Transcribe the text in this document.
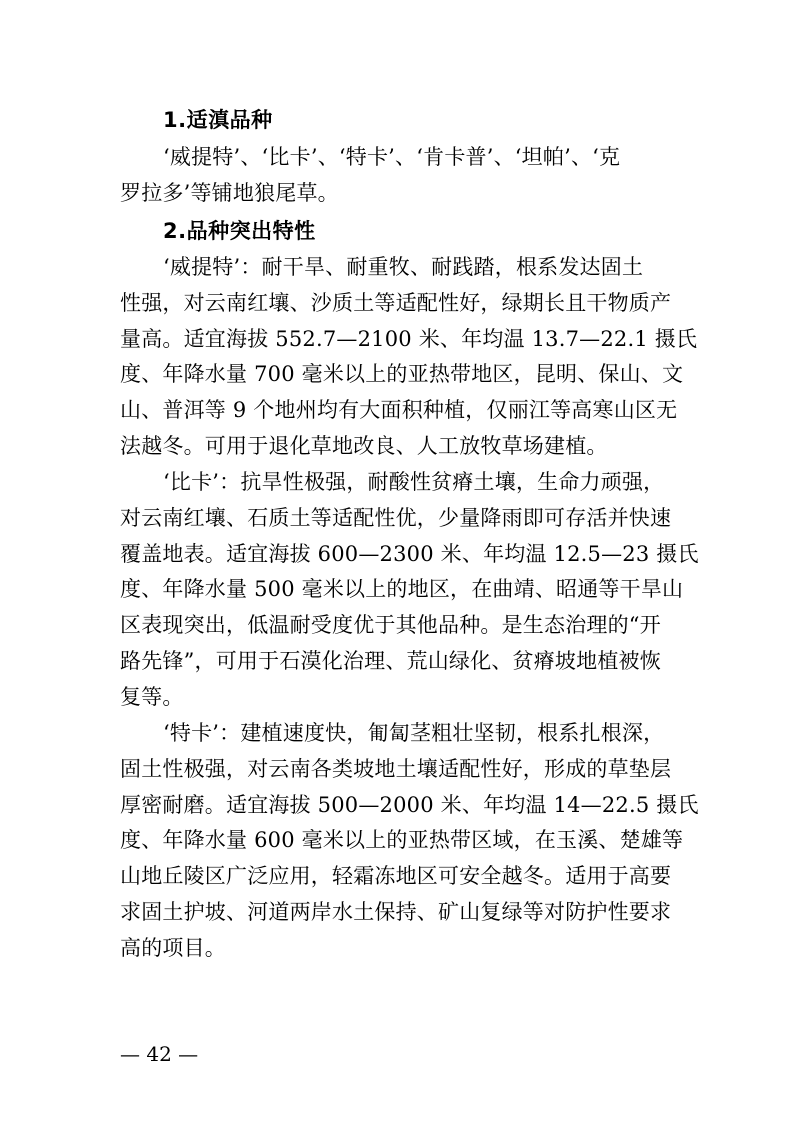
1.适滇品种
‘威提特’、‘比卡’、‘特卡’、‘肯卡普’、‘坦帕’、‘克
罗拉多’等铺地狼尾草。
2.品种突出特性
‘威提特’：耐干旱、耐重牧、耐践踏，根系发达固土
性强，对云南红壤、沙质土等适配性好，绿期长且干物质产
量高。适宜海拔 552.7—2100 米、年均温 13.7—22.1 摄氏
度、年降水量 700 毫米以上的亚热带地区，昆明、保山、文
山、普洱等 9 个地州均有大面积种植，仅丽江等高寒山区无
法越冬。可用于退化草地改良、人工放牧草场建植。
‘比卡’：抗旱性极强，耐酸性贫瘠土壤，生命力顽强，
对云南红壤、石质土等适配性优，少量降雨即可存活并快速
覆盖地表。适宜海拔 600—2300 米、年均温 12.5—23 摄氏
度、年降水量 500 毫米以上的地区，在曲靖、昭通等干旱山
区表现突出，低温耐受度优于其他品种。是生态治理的“开
路先锋”，可用于石漠化治理、荒山绿化、贫瘠坡地植被恢
复等。
‘特卡’：建植速度快，匍匐茎粗壮坚韧，根系扎根深，
固土性极强，对云南各类坡地土壤适配性好，形成的草垫层
厚密耐磨。适宜海拔 500—2000 米、年均温 14—22.5 摄氏
度、年降水量 600 毫米以上的亚热带区域，在玉溪、楚雄等
山地丘陵区广泛应用，轻霜冻地区可安全越冬。适用于高要
求固土护坡、河道两岸水土保持、矿山复绿等对防护性要求
高的项目。
— 42 —
